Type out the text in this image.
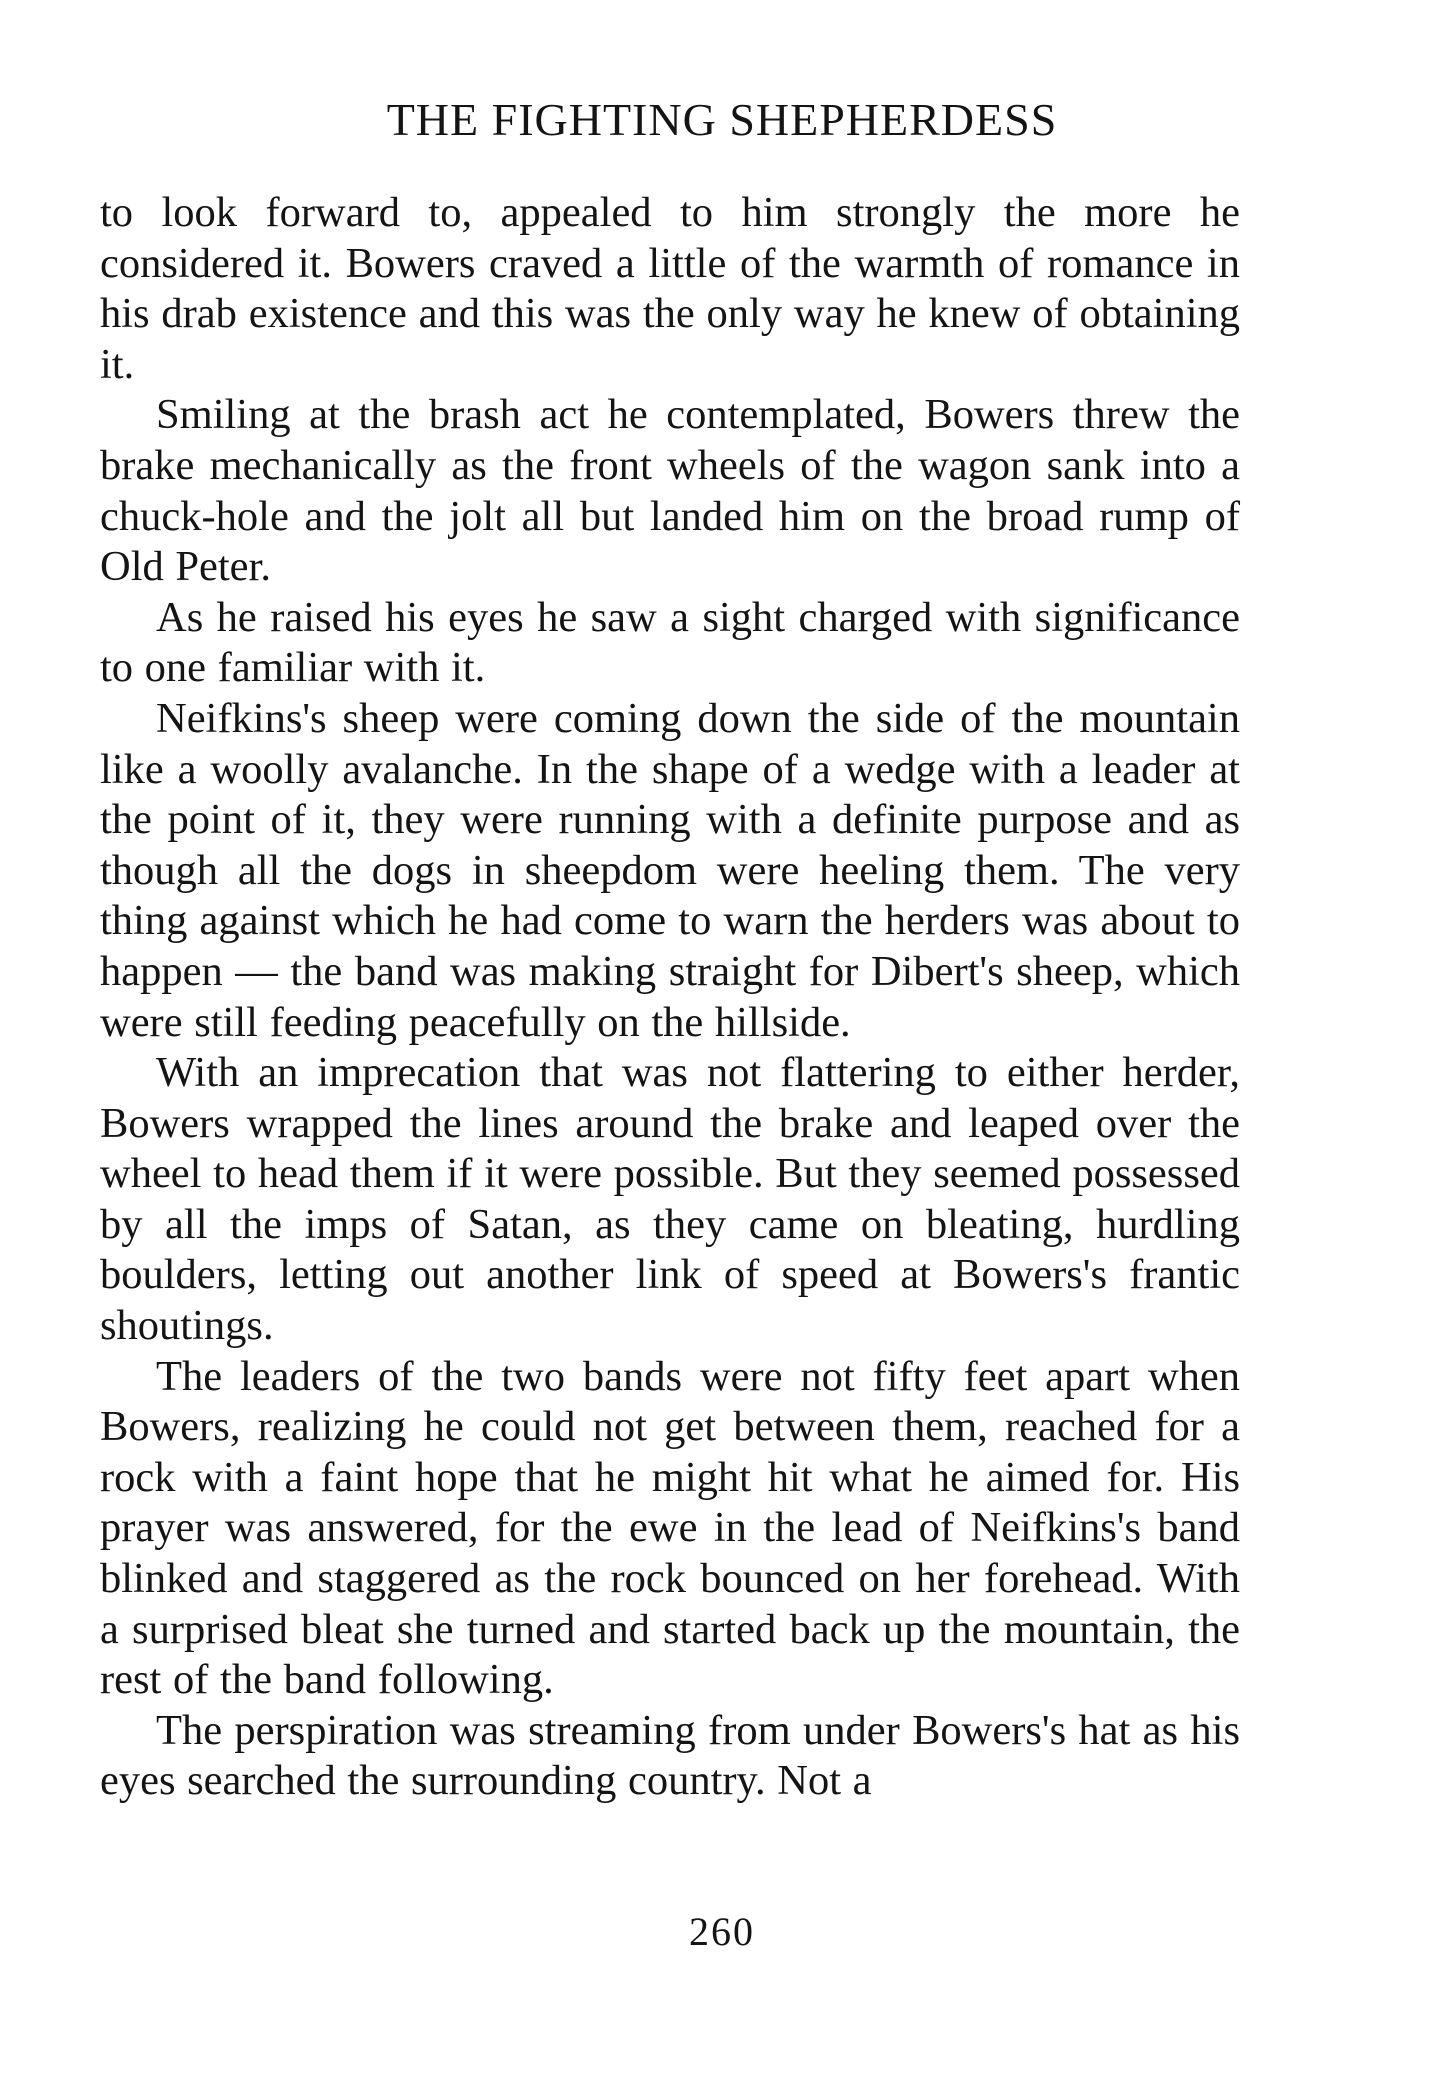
THE FIGHTING SHEPHERDESS

to look forward to, appealed to him strongly the more he considered it. Bowers craved a little of the warmth of romance in his drab existence and this was the only way he knew of obtaining it.

Smiling at the brash act he contemplated, Bowers threw the brake mechanically as the front wheels of the wagon sank into a chuck-hole and the jolt all but landed him on the broad rump of Old Peter.

As he raised his eyes he saw a sight charged with significance to one familiar with it.

Neifkins's sheep were coming down the side of the mountain like a woolly avalanche. In the shape of a wedge with a leader at the point of it, they were running with a definite purpose and as though all the dogs in sheepdom were heeling them. The very thing against which he had come to warn the herders was about to happen — the band was making straight for Dibert's sheep, which were still feeding peacefully on the hillside.

With an imprecation that was not flattering to either herder, Bowers wrapped the lines around the brake and leaped over the wheel to head them if it were possible. But they seemed possessed by all the imps of Satan, as they came on bleating, hurdling boulders, letting out another link of speed at Bowers's frantic shoutings.

The leaders of the two bands were not fifty feet apart when Bowers, realizing he could not get between them, reached for a rock with a faint hope that he might hit what he aimed for. His prayer was answered, for the ewe in the lead of Neifkins's band blinked and staggered as the rock bounced on her forehead. With a surprised bleat she turned and started back up the mountain, the rest of the band following.

The perspiration was streaming from under Bowers's hat as his eyes searched the surrounding country. Not a

260
